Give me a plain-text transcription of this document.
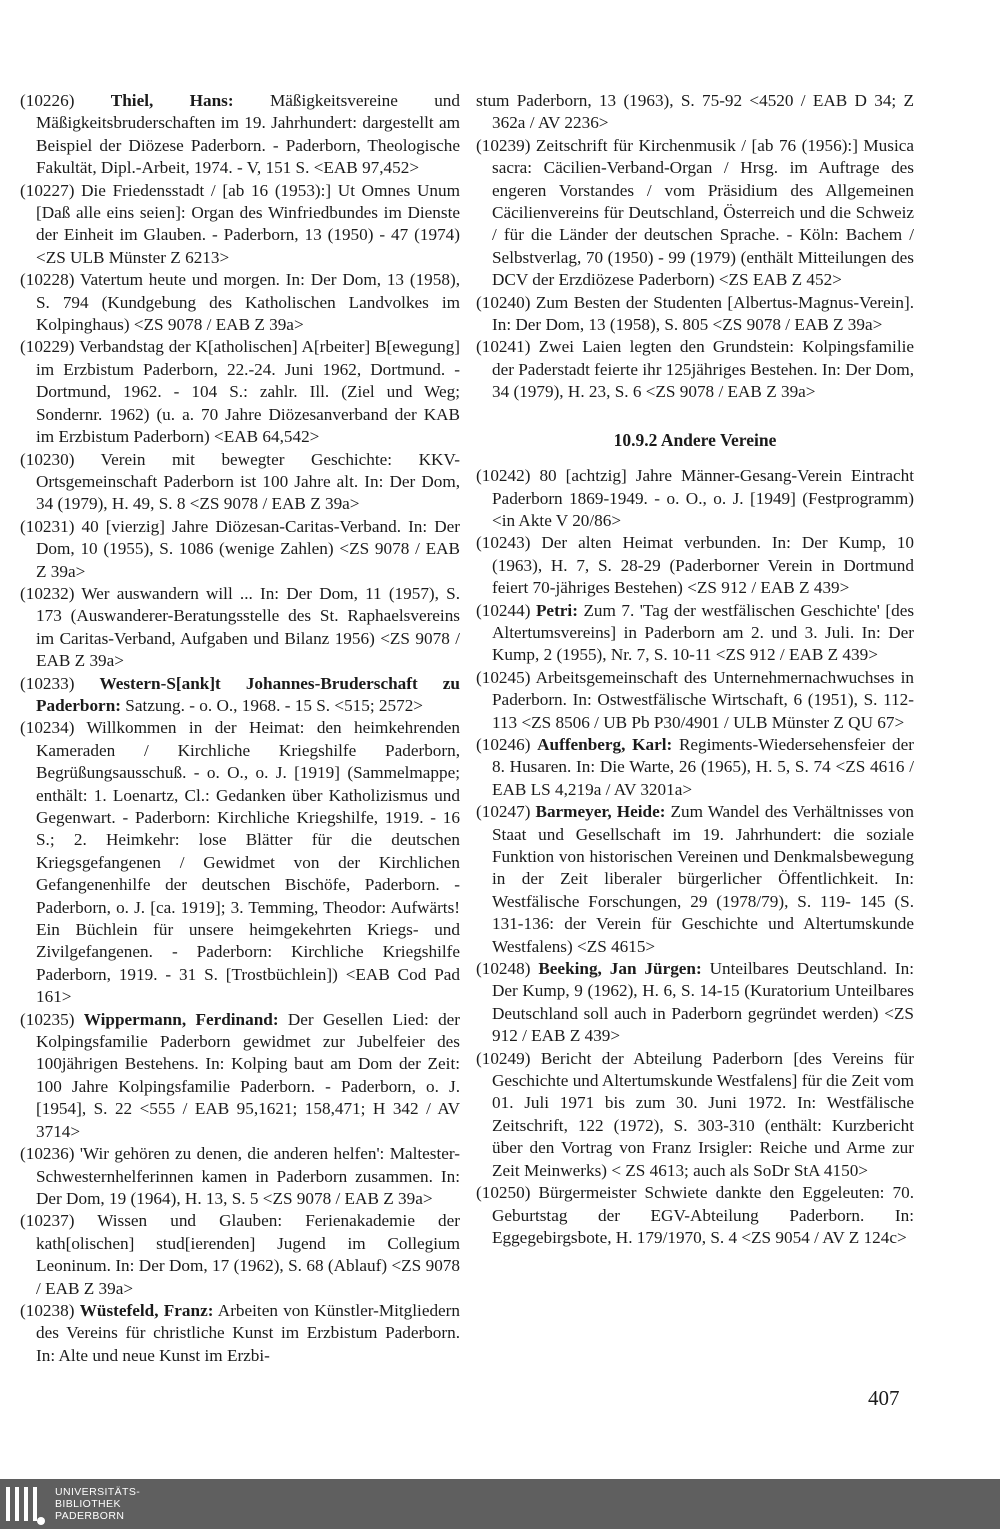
(10226) Thiel, Hans: Mäßigkeitsvereine und Mäßigkeitsbruderschaften im 19. Jahrhundert: dargestellt am Beispiel der Diözese Paderborn. - Paderborn, Theologische Fakultät, Dipl.-Arbeit, 1974. - V, 151 S. <EAB 97,452>

(10227) Die Friedensstadt / [ab 16 (1953):] Ut Omnes Unum [Daß alle eins seien]: Organ des Winfriedbundes im Dienste der Einheit im Glauben. - Paderborn, 13 (1950) - 47 (1974) <ZS ULB Münster Z 6213>

(10228) Vatertum heute und morgen. In: Der Dom, 13 (1958), S. 794 (Kundgebung des Katholischen Landvolkes im Kolpinghaus) <ZS 9078 / EAB Z 39a>

(10229) Verbandstag der K[atholischen] A[rbeiter] B[ewegung] im Erzbistum Paderborn, 22.-24. Juni 1962, Dortmund. - Dortmund, 1962. - 104 S.: zahlr. Ill. (Ziel und Weg; Sondernr. 1962) (u. a. 70 Jahre Diözesanverband der KAB im Erzbistum Paderborn) <EAB 64,542>

(10230) Verein mit bewegter Geschichte: KKV-Ortsgemeinschaft Paderborn ist 100 Jahre alt. In: Der Dom, 34 (1979), H. 49, S. 8 <ZS 9078 / EAB Z 39a>

(10231) 40 [vierzig] Jahre Diözesan-Caritas-Verband. In: Der Dom, 10 (1955), S. 1086 (wenige Zahlen) <ZS 9078 / EAB Z 39a>

(10232) Wer auswandern will ... In: Der Dom, 11 (1957), S. 173 (Auswanderer-Beratungsstelle des St. Raphaelsvereins im Caritas-Verband, Aufgaben und Bilanz 1956) <ZS 9078 / EAB Z 39a>

(10233) Western-S[ank]t Johannes-Bruderschaft zu Paderborn: Satzung. - o. O., 1968. - 15 S. <515; 2572>

(10234) Willkommen in der Heimat: den heimkehrenden Kameraden / Kirchliche Kriegshilfe Paderborn, Begrüßungsausschuß. - o. O., o. J. [1919] (Sammelmappe; enthält: 1. Loenartz, Cl.: Gedanken über Katholizismus und Gegenwart. - Paderborn: Kirchliche Kriegshilfe, 1919. - 16 S.; 2. Heimkehr: lose Blätter für die deutschen Kriegsgefangenen / Gewidmet von der Kirchlichen Gefangenenhilfe der deutschen Bischöfe, Paderborn. - Paderborn, o. J. [ca. 1919]; 3. Temming, Theodor: Aufwärts! Ein Büchlein für unsere heimgekehrten Kriegs- und Zivilgefangenen. - Paderborn: Kirchliche Kriegshilfe Paderborn, 1919. - 31 S. [Trostbüchlein]) <EAB Cod Pad 161>

(10235) Wippermann, Ferdinand: Der Gesellen Lied: der Kolpingsfamilie Paderborn gewidmet zur Jubelfeier des 100jährigen Bestehens. In: Kolping baut am Dom der Zeit: 100 Jahre Kolpingsfamilie Paderborn. - Paderborn, o. J. [1954], S. 22 <555 / EAB 95,1621; 158,471; H 342 / AV 3714>

(10236) 'Wir gehören zu denen, die anderen helfen': Maltester-Schwesternhelferinnen kamen in Paderborn zusammen. In: Der Dom, 19 (1964), H. 13, S. 5 <ZS 9078 / EAB Z 39a>

(10237) Wissen und Glauben: Ferienakademie der kath[olischen] stud[ierenden] Jugend im Collegium Leoninum. In: Der Dom, 17 (1962), S. 68 (Ablauf) <ZS 9078 / EAB Z 39a>

(10238) Wüstefeld, Franz: Arbeiten von Künstler-Mitgliedern des Vereins für christliche Kunst im Erzbistum Paderborn. In: Alte und neue Kunst im Erzbi-

stum Paderborn, 13 (1963), S. 75-92 <4520 / EAB D 34; Z 362a / AV 2236>

(10239) Zeitschrift für Kirchenmusik / [ab 76 (1956):] Musica sacra: Cäcilien-Verband-Organ / Hrsg. im Auftrage des engeren Vorstandes / vom Präsidium des Allgemeinen Cäcilienvereins für Deutschland, Österreich und die Schweiz / für die Länder der deutschen Sprache. - Köln: Bachem / Selbstverlag, 70 (1950) - 99 (1979) (enthält Mitteilungen des DCV der Erzdiözese Paderborn) <ZS EAB Z 452>

(10240) Zum Besten der Studenten [Albertus-Magnus-Verein]. In: Der Dom, 13 (1958), S. 805 <ZS 9078 / EAB Z 39a>

(10241) Zwei Laien legten den Grundstein: Kolpingsfamilie der Paderstadt feierte ihr 125jähriges Bestehen. In: Der Dom, 34 (1979), H. 23, S. 6 <ZS 9078 / EAB Z 39a>

10.9.2 Andere Vereine

(10242) 80 [achtzig] Jahre Männer-Gesang-Verein Eintracht Paderborn 1869-1949. - o. O., o. J. [1949] (Festprogramm) <in Akte V 20/86>

(10243) Der alten Heimat verbunden. In: Der Kump, 10 (1963), H. 7, S. 28-29 (Paderborner Verein in Dortmund feiert 70-jähriges Bestehen) <ZS 912 / EAB Z 439>

(10244) Petri: Zum 7. 'Tag der westfälischen Geschichte' [des Altertumsvereins] in Paderborn am 2. und 3. Juli. In: Der Kump, 2 (1955), Nr. 7, S. 10-11 <ZS 912 / EAB Z 439>

(10245) Arbeitsgemeinschaft des Unternehmernachwuchses in Paderborn. In: Ostwestfälische Wirtschaft, 6 (1951), S. 112-113 <ZS 8506 / UB Pb P30/4901 / ULB Münster Z QU 67>

(10246) Auffenberg, Karl: Regiments-Wiedersehensfeier der 8. Husaren. In: Die Warte, 26 (1965), H. 5, S. 74 <ZS 4616 / EAB LS 4,219a / AV 3201a>

(10247) Barmeyer, Heide: Zum Wandel des Verhältnisses von Staat und Gesellschaft im 19. Jahrhundert: die soziale Funktion von historischen Vereinen und Denkmalsbewegung in der Zeit liberaler bürgerlicher Öffentlichkeit. In: Westfälische Forschungen, 29 (1978/79), S. 119- 145 (S. 131-136: der Verein für Geschichte und Altertumskunde Westfalens) <ZS 4615>

(10248) Beeking, Jan Jürgen: Unteilbares Deutschland. In: Der Kump, 9 (1962), H. 6, S. 14-15 (Kuratorium Unteilbares Deutschland soll auch in Paderborn gegründet werden) <ZS 912 / EAB Z 439>

(10249) Bericht der Abteilung Paderborn [des Vereins für Geschichte und Altertumskunde Westfalens] für die Zeit vom 01. Juli 1971 bis zum 30. Juni 1972. In: Westfälische Zeitschrift, 122 (1972), S. 303-310 (enthält: Kurzbericht über den Vortrag von Franz Irsigler: Reiche und Arme zur Zeit Meinwerks) < ZS 4613; auch als SoDr StA 4150>

(10250) Bürgermeister Schwiete dankte den Eggeleuten: 70. Geburtstag der EGV-Abteilung Paderborn. In: Eggegebirgsbote, H. 179/1970, S. 4 <ZS 9054 / AV Z 124c>

407
UNIVERSITÄTS-
BIBLIOTHEK
PADERBORN
